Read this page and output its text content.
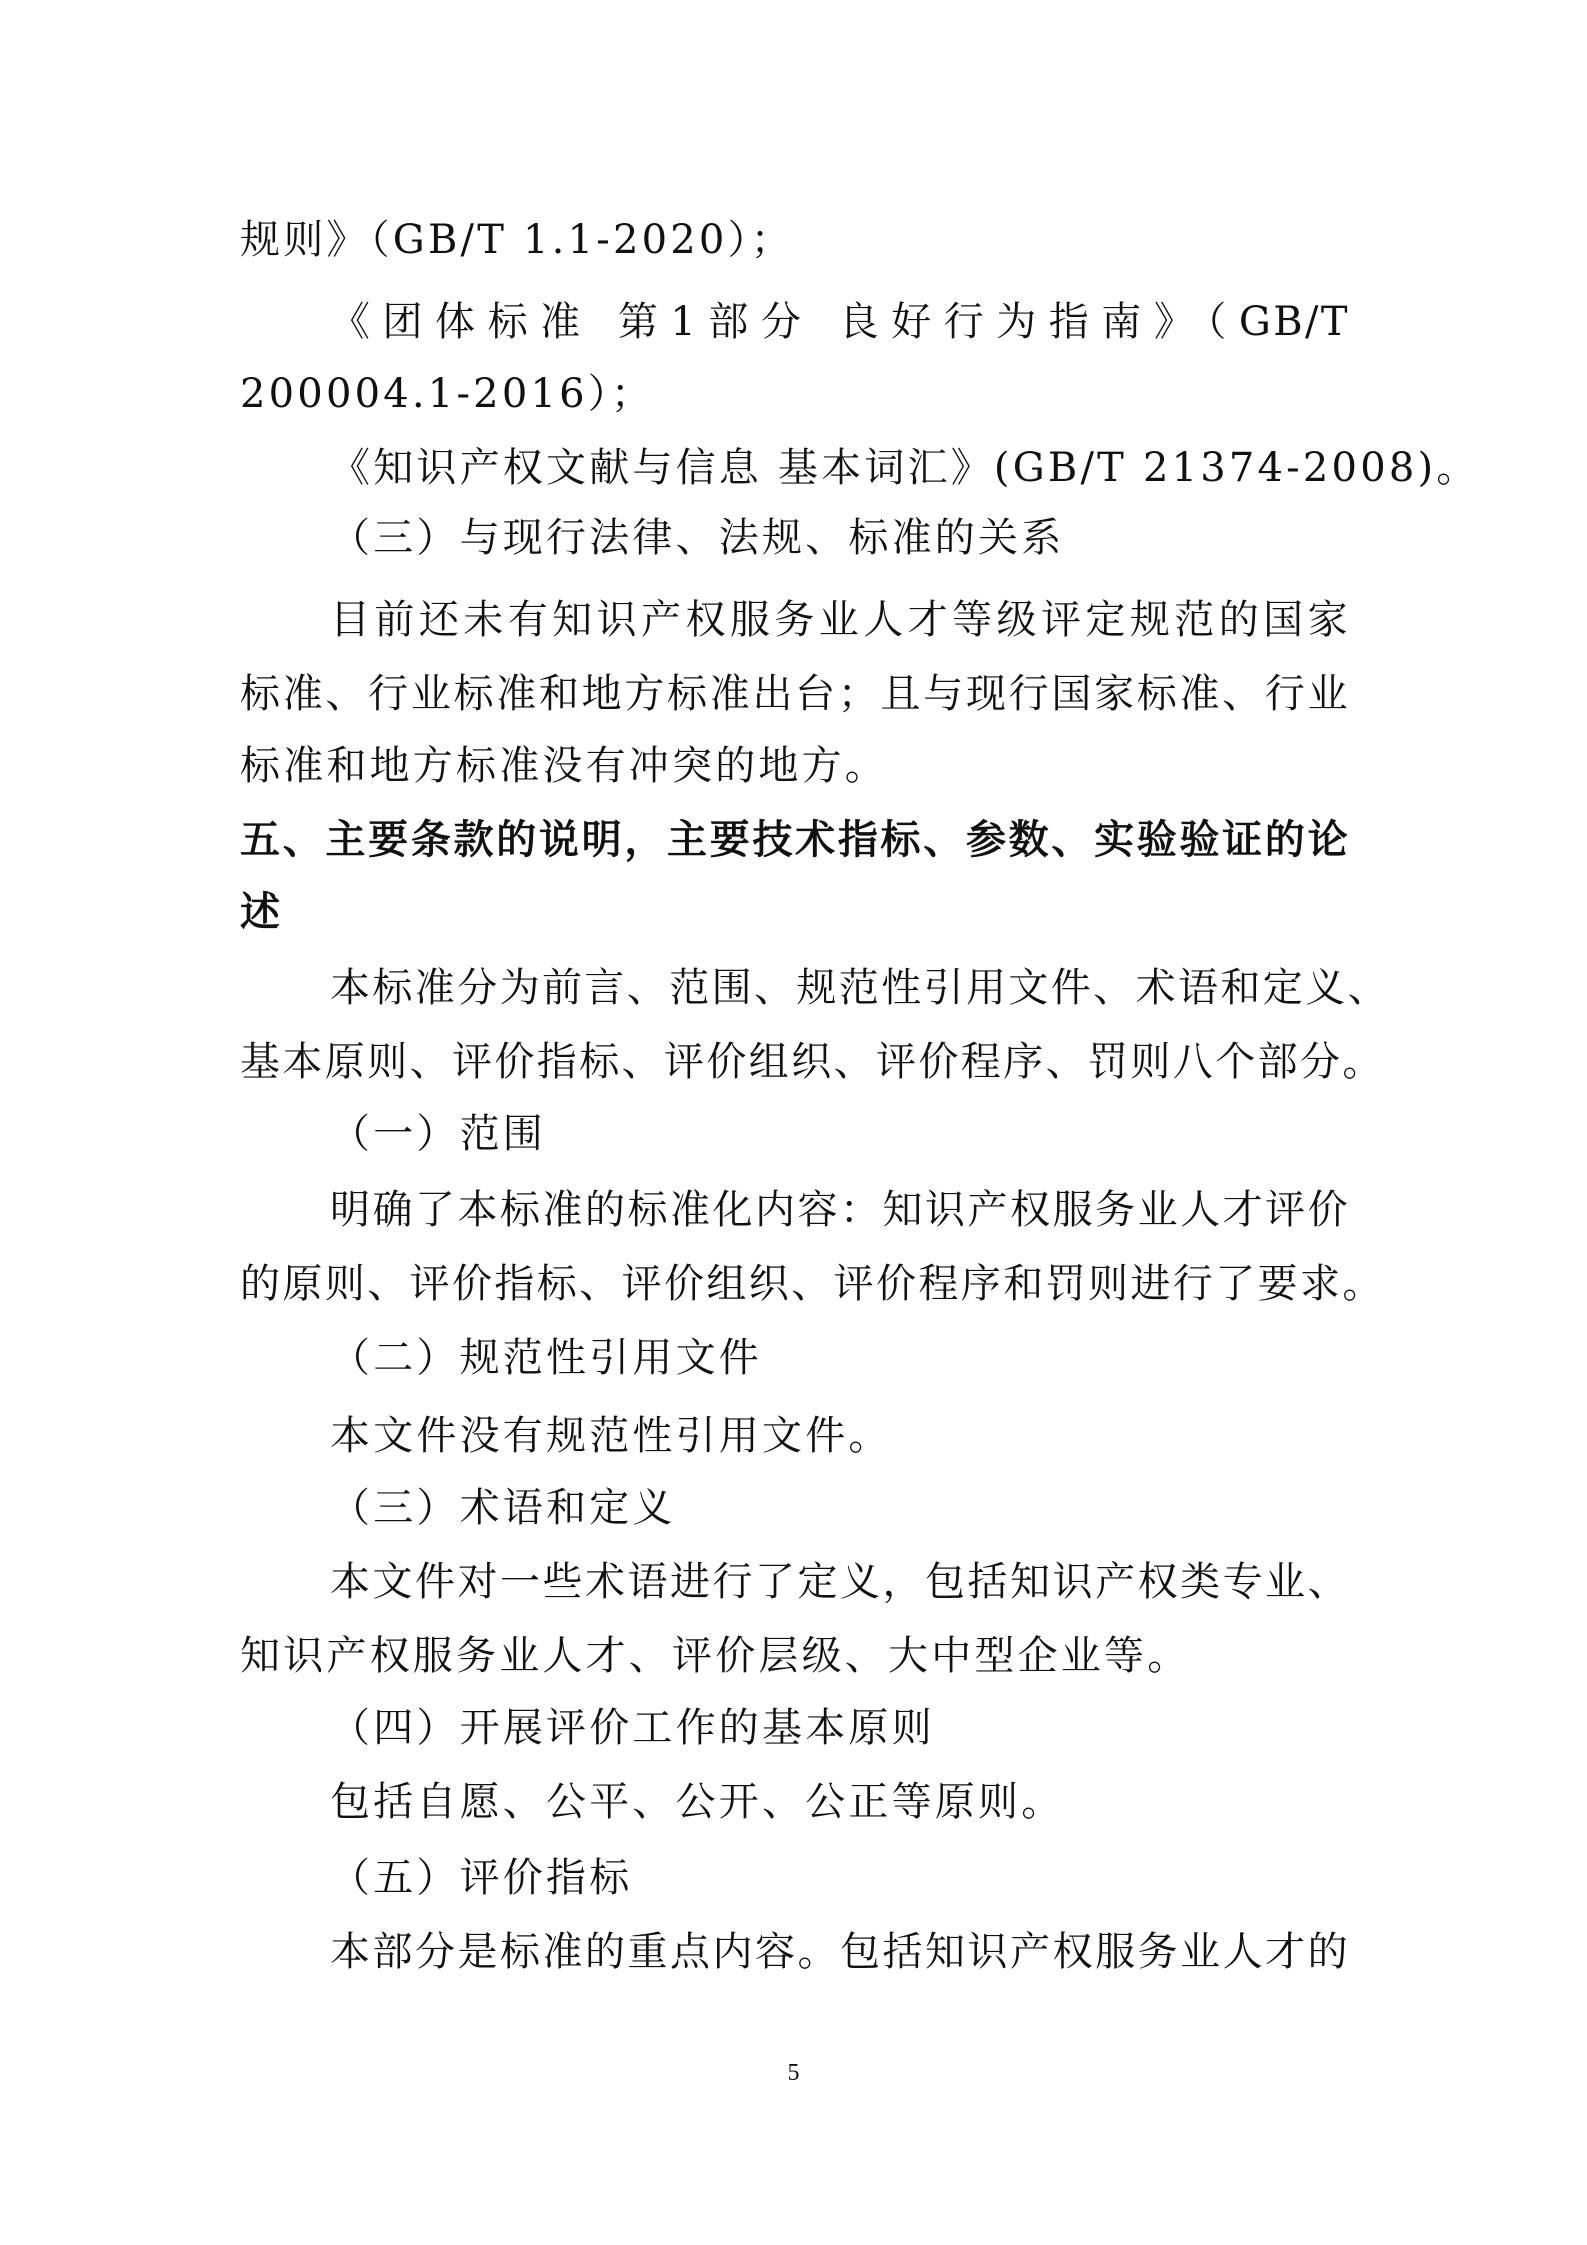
规则》（GB/T 1.1-2020）；
《团体标准 第1部分 良好行为指南》（GB/T
200004.1-2016）；
《知识产权文献与信息 基本词汇》(GB/T 21374-2008)。
（三）与现行法律、法规、标准的关系
目前还未有知识产权服务业人才等级评定规范的国家
标准、行业标准和地方标准出台；且与现行国家标准、行业
标准和地方标准没有冲突的地方。
五、主要条款的说明，主要技术指标、参数、实验验证的论
述
本标准分为前言、范围、规范性引用文件、术语和定义、
基本原则、评价指标、评价组织、评价程序、罚则八个部分。
（一）范围
明确了本标准的标准化内容：知识产权服务业人才评价
的原则、评价指标、评价组织、评价程序和罚则进行了要求。
（二）规范性引用文件
本文件没有规范性引用文件。
（三）术语和定义
本文件对一些术语进行了定义，包括知识产权类专业、
知识产权服务业人才、评价层级、大中型企业等。
（四）开展评价工作的基本原则
包括自愿、公平、公开、公正等原则。
（五）评价指标
本部分是标准的重点内容。包括知识产权服务业人才的
5
